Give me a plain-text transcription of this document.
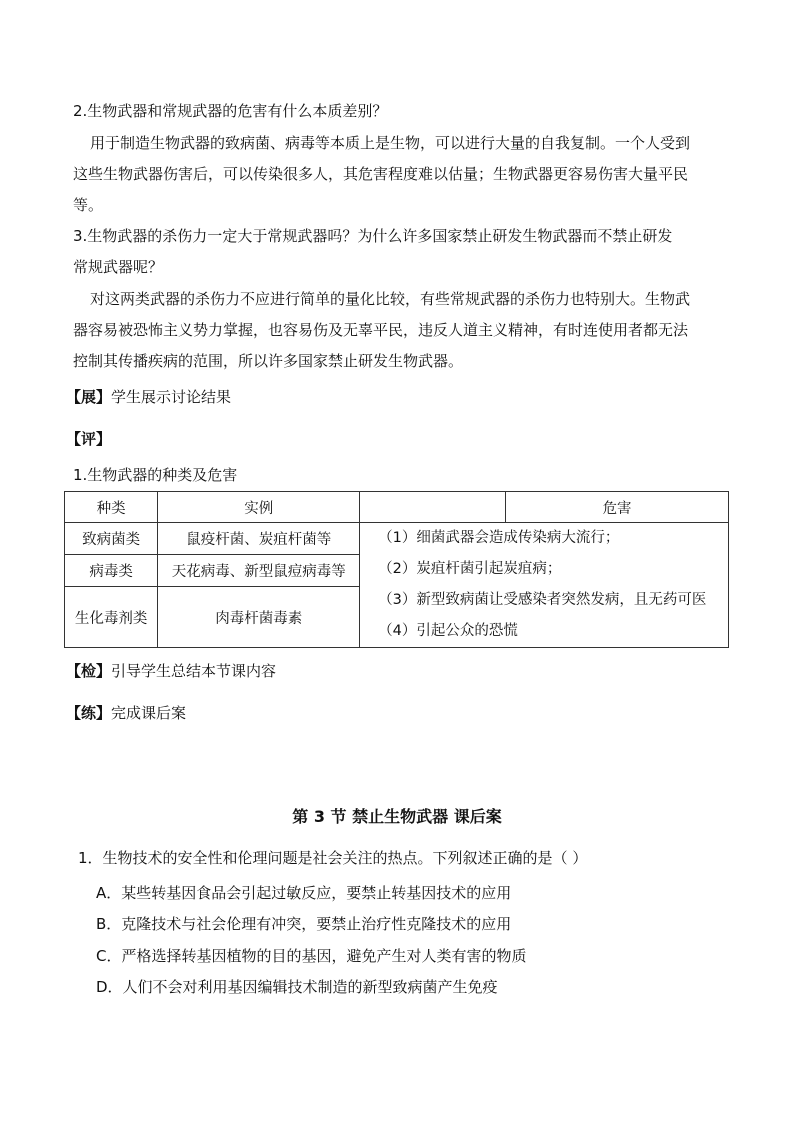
2.生物武器和常规武器的危害有什么本质差别？
用于制造生物武器的致病菌、病毒等本质上是生物，可以进行大量的自我复制。一个人受到
这些生物武器伤害后，可以传染很多人，其危害程度难以估量；生物武器更容易伤害大量平民
等。
3.生物武器的杀伤力一定大于常规武器吗？为什么许多国家禁止研发生物武器而不禁止研发
常规武器呢？
对这两类武器的杀伤力不应进行简单的量化比较，有些常规武器的杀伤力也特别大。生物武
器容易被恐怖主义势力掌握，也容易伤及无辜平民，违反人道主义精神，有时连使用者都无法
控制其传播疾病的范围，所以许多国家禁止研发生物武器。
【展】学生展示讨论结果
【评】
1.生物武器的种类及危害
种类	实例	危害

致病菌类	鼠疫杆菌、炭疽杆菌等	（1）细菌武器会造成传染病大流行；
（2）炭疽杆菌引起炭疽病；
（3）新型致病菌让受感染者突然发病，且无药可医
（4）引起公众的恐慌

病毒类	天花病毒、新型鼠痘病毒等	
生化毒剂类	肉毒杆菌毒素	
【检】引导学生总结本节课内容
【练】完成课后案
第 3 节 禁止生物武器 课后案
1．生物技术的安全性和伦理问题是社会关注的热点。下列叙述正确的是（ ）
A．某些转基因食品会引起过敏反应，要禁止转基因技术的应用
B．克隆技术与社会伦理有冲突，要禁止治疗性克隆技术的应用
C．严格选择转基因植物的目的基因，避免产生对人类有害的物质
D．人们不会对利用基因编辑技术制造的新型致病菌产生免疫
